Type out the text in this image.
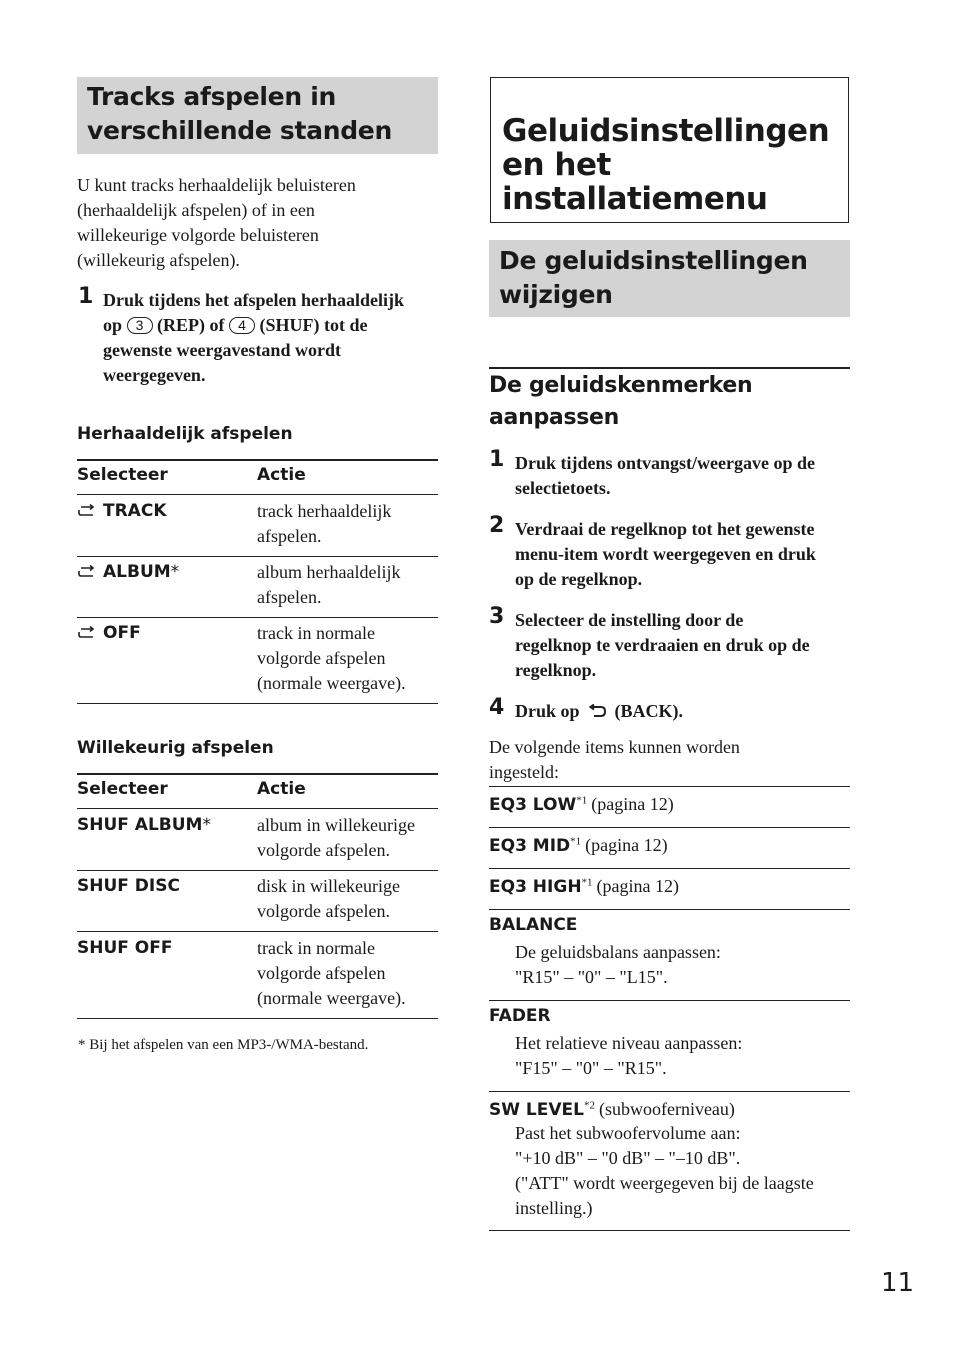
Tracks afspelen in
verschillende standen
U kunt tracks herhaaldelijk beluisteren
(herhaaldelijk afspelen) of in een
willekeurige volgorde beluisteren
(willekeurig afspelen).
1 Druk tijdens het afspelen herhaaldelijk
op 3 (REP) of 4 (SHUF) tot de
gewenste weergavestand wordt
weergegeven.
Herhaaldelijk afspelen
Selecteer	Actie
TRACK	track herhaaldelijk
afspelen.
ALBUM*	album herhaaldelijk
afspelen.
OFF	track in normale
volgorde afspelen
(normale weergave).
Willekeurig afspelen
Selecteer	Actie
SHUF ALBUM*	album in willekeurige
volgorde afspelen.
SHUF DISC	disk in willekeurige
volgorde afspelen.
SHUF OFF	track in normale
volgorde afspelen
(normale weergave).
* Bij het afspelen van een MP3-/WMA-bestand.
Geluidsinstellingen
en het
installatiemenu
De geluidsinstellingen
wijzigen
De geluidskenmerken
aanpassen
1 Druk tijdens ontvangst/weergave op de
selectietoets.
2 Verdraai de regelknop tot het gewenste
menu-item wordt weergegeven en druk
op de regelknop.
3 Selecteer de instelling door de
regelknop te verdraaien en druk op de
regelknop.
4 Druk op (BACK).
De volgende items kunnen worden
ingesteld:
EQ3 LOW$^{*1}$ (pagina 12)
EQ3 MID$^{*1}$ (pagina 12)
EQ3 HIGH$^{*1}$ (pagina 12)
BALANCE
De geluidsbalans aanpassen:
"R15" – "0" – "L15".
FADER
Het relatieve niveau aanpassen:
"F15" – "0" – "R15".
SW LEVEL$^{*2}$ (subwooferniveau)
Past het subwoofervolume aan:
"+10 dB" – "0 dB" – "–10 dB".
("ATT" wordt weergegeven bij de laagste
instelling.)
11
